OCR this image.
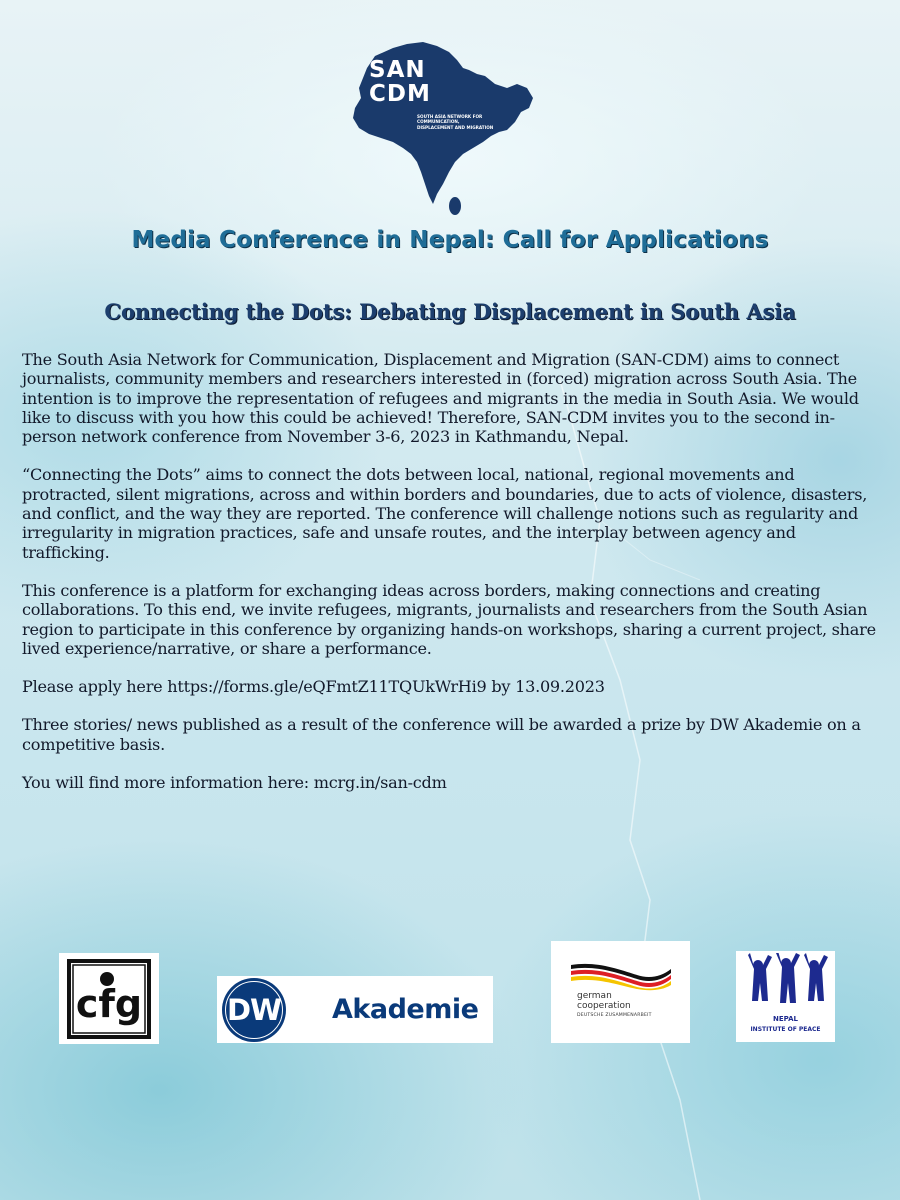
SAN
CDM
SOUTH ASIA NETWORK FOR COMMUNICATION, DISPLACEMENT AND MIGRATION
Media Conference in Nepal: Call for Applications
Connecting the Dots: Debating Displacement in South Asia

The South Asia Network for Communication, Displacement and Migration (SAN-CDM) aims to connect journalists, community members and researchers interested in (forced) migration across South Asia. The intention is to improve the representation of refugees and migrants in the media in South Asia. We would like to discuss with you how this could be achieved! Therefore, SAN-CDM invites you to the second in-person network conference from November 3-6, 2023 in Kathmandu, Nepal.

“Connecting the Dots” aims to connect the dots between local, national, regional movements and protracted, silent migrations, across and within borders and boundaries, due to acts of violence, disasters, and conflict, and the way they are reported. The conference will challenge notions such as regularity and irregularity in migration practices, safe and unsafe routes, and the interplay between agency and trafficking.

This conference is a platform for exchanging ideas across borders, making connections and creating collaborations. To this end, we invite refugees, migrants, journalists and researchers from the South Asian region to participate in this conference by organizing hands-on workshops, sharing a current project, share lived experience/narrative, or share a performance.

Please apply here https://forms.gle/eQFmtZ11TQUkWrHi9 by 13.09.2023

Three stories/ news published as a result of the conference will be awarded a prize by DW Akademie on a competitive basis.

You will find more information here: mcrg.in/san-cdm

cfg	DW Akademie	german
cooperation
DEUTSCHE ZUSAMMENARBEIT	NEPAL
INSTITUTE OF PEACE
